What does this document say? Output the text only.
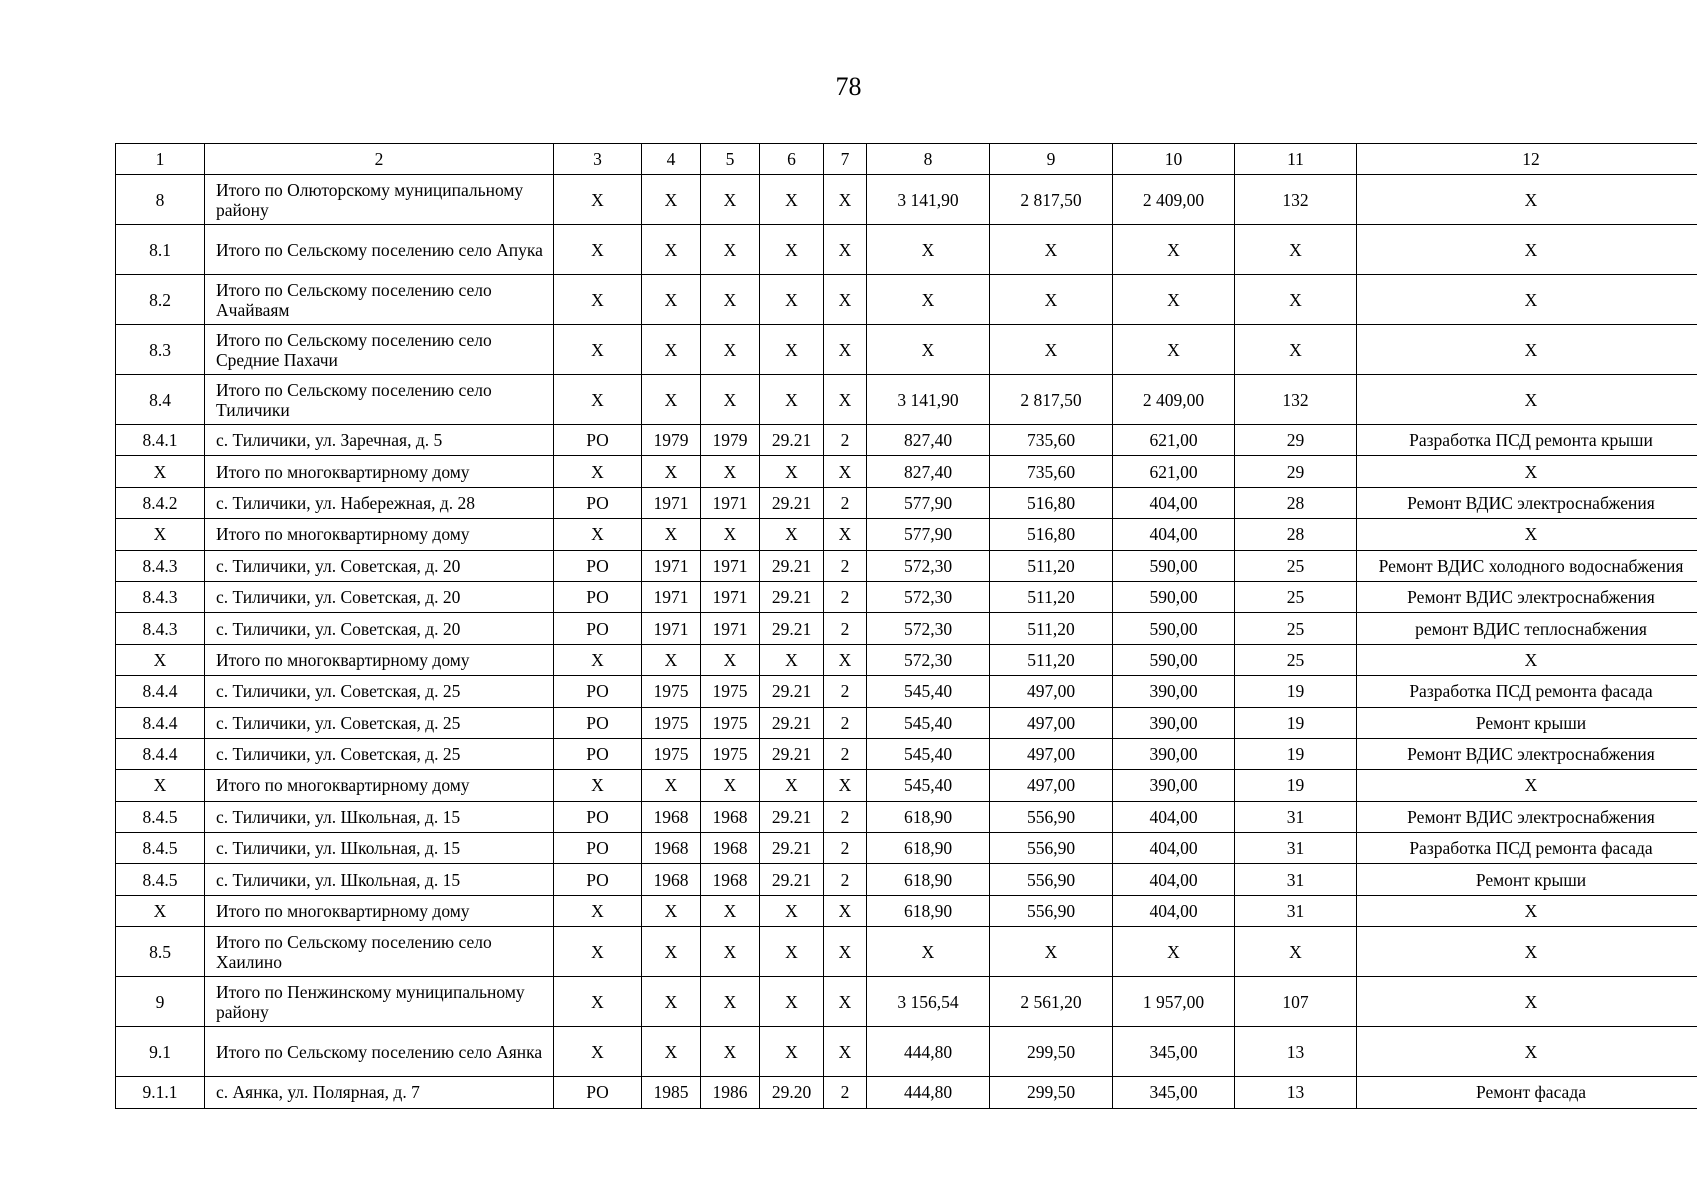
78
1	2	3	4	5	6	7	8	9	10	11	12
8	Итого по Олюторскому муниципальному району	X	X	X	X	X	3 141,90	2 817,50	2 409,00	132	X
8.1	Итого по Сельскому поселению село Апука	X	X	X	X	X	X	X	X	X	X
8.2	Итого по Сельскому поселению село Ачайваям	X	X	X	X	X	X	X	X	X	X
8.3	Итого по Сельскому поселению село Средние Пахачи	X	X	X	X	X	X	X	X	X	X
8.4	Итого по Сельскому поселению село Тиличики	X	X	X	X	X	3 141,90	2 817,50	2 409,00	132	X
8.4.1	с. Тиличики, ул. Заречная, д. 5	РО	1979	1979	29.21	2	827,40	735,60	621,00	29	Разработка ПСД ремонта крыши
X	Итого по многоквартирному дому	X	X	X	X	X	827,40	735,60	621,00	29	X
8.4.2	с. Тиличики, ул. Набережная, д. 28	РО	1971	1971	29.21	2	577,90	516,80	404,00	28	Ремонт ВДИС электроснабжения
X	Итого по многоквартирному дому	X	X	X	X	X	577,90	516,80	404,00	28	X
8.4.3	с. Тиличики, ул. Советская, д. 20	РО	1971	1971	29.21	2	572,30	511,20	590,00	25	Ремонт ВДИС холодного водоснабжения
8.4.3	с. Тиличики, ул. Советская, д. 20	РО	1971	1971	29.21	2	572,30	511,20	590,00	25	Ремонт ВДИС электроснабжения
8.4.3	с. Тиличики, ул. Советская, д. 20	РО	1971	1971	29.21	2	572,30	511,20	590,00	25	ремонт ВДИС теплоснабжения
X	Итого по многоквартирному дому	X	X	X	X	X	572,30	511,20	590,00	25	X
8.4.4	с. Тиличики, ул. Советская, д. 25	РО	1975	1975	29.21	2	545,40	497,00	390,00	19	Разработка ПСД ремонта фасада
8.4.4	с. Тиличики, ул. Советская, д. 25	РО	1975	1975	29.21	2	545,40	497,00	390,00	19	Ремонт крыши
8.4.4	с. Тиличики, ул. Советская, д. 25	РО	1975	1975	29.21	2	545,40	497,00	390,00	19	Ремонт ВДИС электроснабжения
X	Итого по многоквартирному дому	X	X	X	X	X	545,40	497,00	390,00	19	X
8.4.5	с. Тиличики, ул. Школьная, д. 15	РО	1968	1968	29.21	2	618,90	556,90	404,00	31	Ремонт ВДИС электроснабжения
8.4.5	с. Тиличики, ул. Школьная, д. 15	РО	1968	1968	29.21	2	618,90	556,90	404,00	31	Разработка ПСД ремонта фасада
8.4.5	с. Тиличики, ул. Школьная, д. 15	РО	1968	1968	29.21	2	618,90	556,90	404,00	31	Ремонт крыши
X	Итого по многоквартирному дому	X	X	X	X	X	618,90	556,90	404,00	31	X
8.5	Итого по Сельскому поселению село Хаилино	X	X	X	X	X	X	X	X	X	X
9	Итого по Пенжинскому муниципальному району	X	X	X	X	X	3 156,54	2 561,20	1 957,00	107	X
9.1	Итого по Сельскому поселению село Аянка	X	X	X	X	X	444,80	299,50	345,00	13	X
9.1.1	с. Аянка, ул. Полярная, д. 7	РО	1985	1986	29.20	2	444,80	299,50	345,00	13	Ремонт фасада
